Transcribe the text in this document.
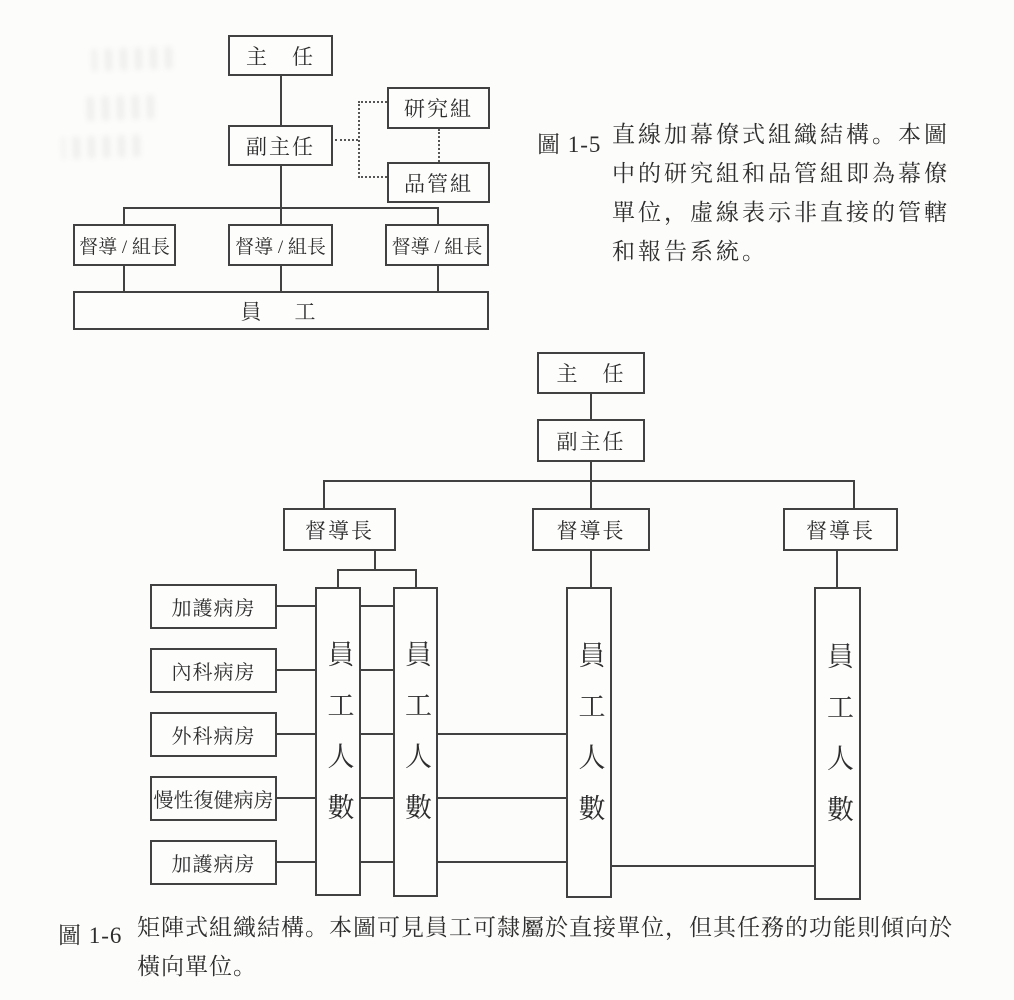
主　任
副主任
研究組
品管組
督導 / 組長	督導 / 組長	督導 / 組長
員　工
圖 1-5 直線加幕僚式組織結構。本圖
中的研究組和品管組即為幕僚
單位，虛線表示非直接的管轄
和報告系統。
主　任
副主任
督導長	督導長	督導長
員工人數 員工人數	員工人數	員工人數
加護病房
內科病房
外科病房
慢性復健病房
加護病房
圖 1-6 矩陣式組織結構。本圖可見員工可隸屬於直接單位，但其任務的功能則傾向於
橫向單位。
